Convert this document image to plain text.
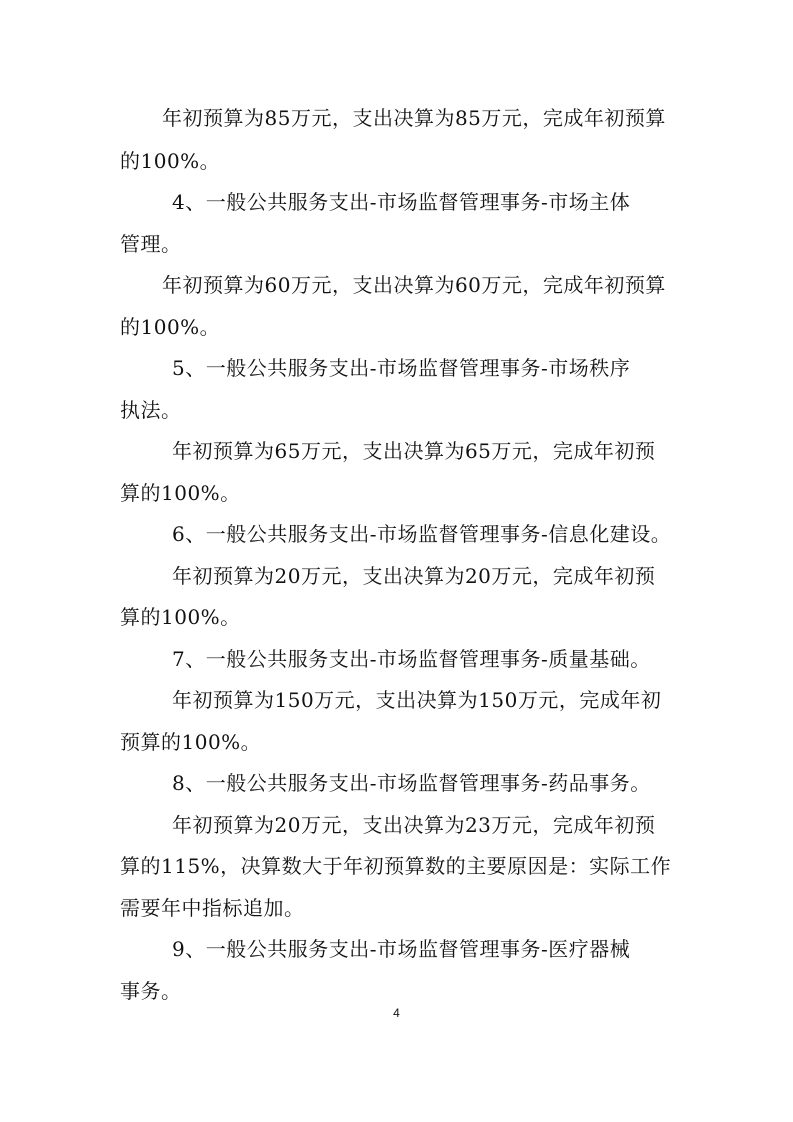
年初预算为85万元，支出决算为85万元，完成年初预算
的100%。
4、一般公共服务支出-市场监督管理事务-市场主体
管理。
年初预算为60万元，支出决算为60万元，完成年初预算
的100%。
5、一般公共服务支出-市场监督管理事务-市场秩序
执法。
年初预算为65万元，支出决算为65万元，完成年初预
算的100%。
6、一般公共服务支出-市场监督管理事务-信息化建设。
年初预算为20万元，支出决算为20万元，完成年初预
算的100%。
7、一般公共服务支出-市场监督管理事务-质量基础。
年初预算为150万元，支出决算为150万元，完成年初
预算的100%。
8、一般公共服务支出-市场监督管理事务-药品事务。
年初预算为20万元，支出决算为23万元，完成年初预
算的115%，决算数大于年初预算数的主要原因是：实际工作
需要年中指标追加。
9、一般公共服务支出-市场监督管理事务-医疗器械
事务。
4
